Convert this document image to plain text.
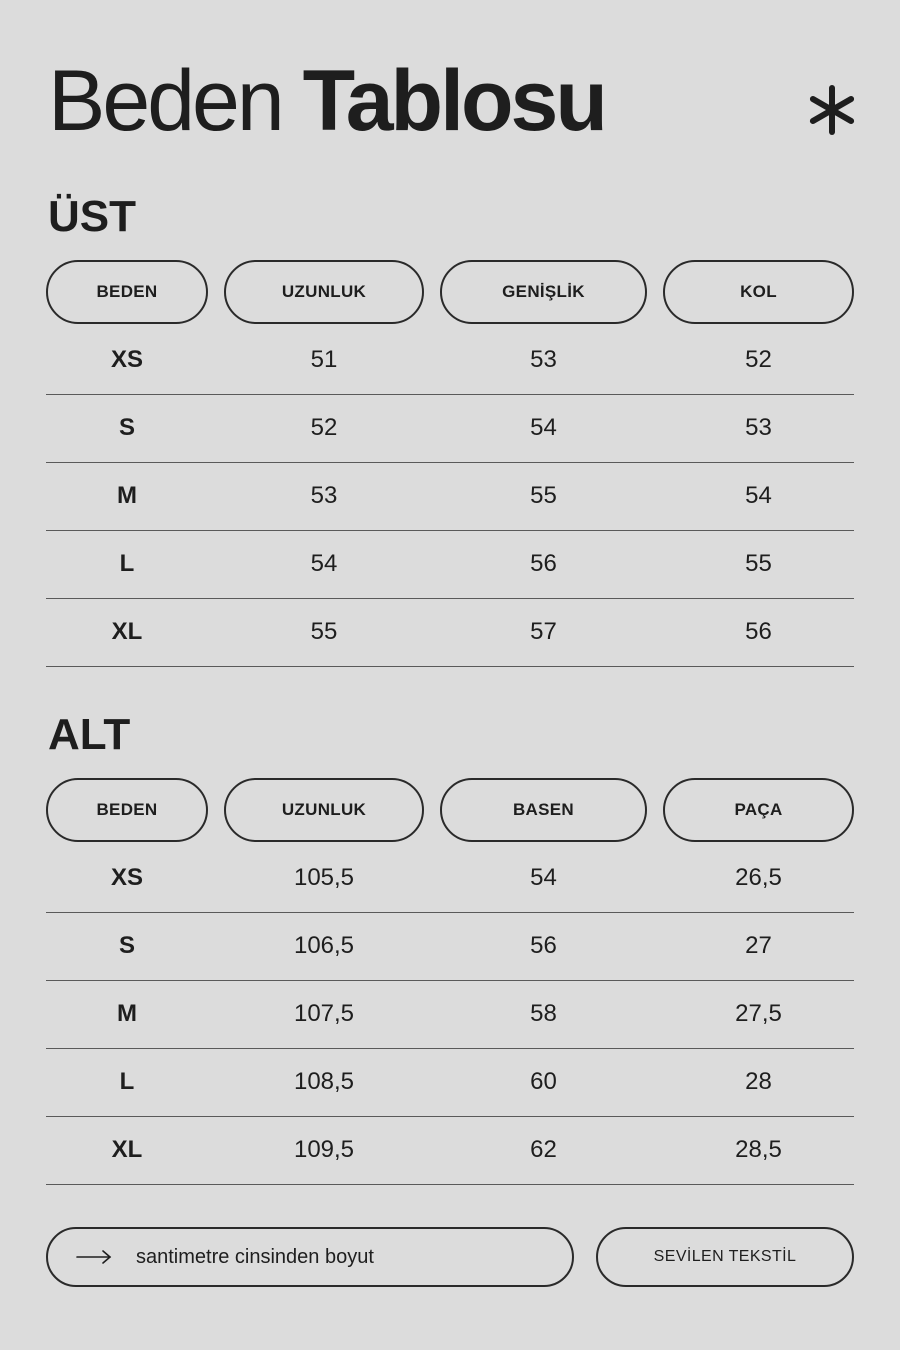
Beden Tablosu
ÜST
BEDEN	UZUNLUK	GENİŞLİK	KOL
XS	51	53	52
S	52	54	53
M	53	55	54
L	54	56	55
XL	55	57	56
ALT
BEDEN	UZUNLUK	BASEN	PAÇA
XS	105,5	54	26,5
S	106,5	56	27
M	107,5	58	27,5
L	108,5	60	28
XL	109,5	62	28,5
santimetre cinsinden boyut	SEVİLEN TEKSTİL
